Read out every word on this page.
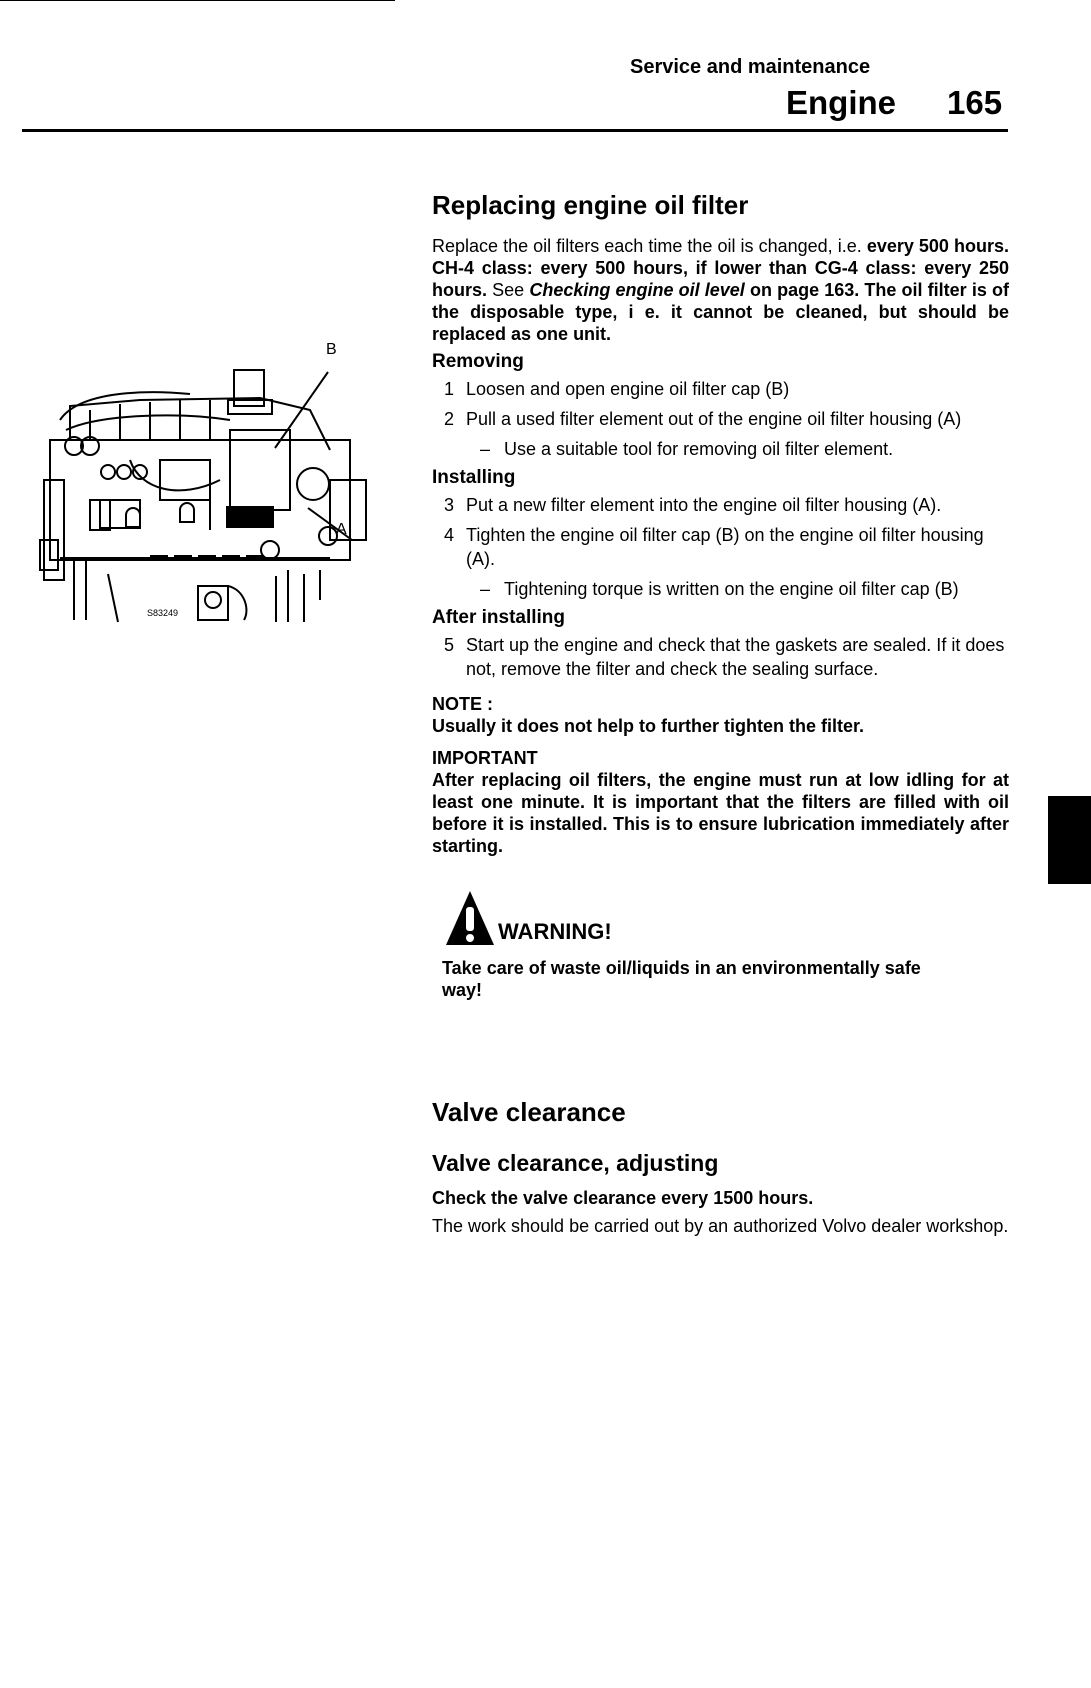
Service and maintenance
Engine 165
S83249
B
A
Replacing engine oil filter

Replace the oil filters each time the oil is changed, i.e. every 500 hours. CH-4 class: every 500 hours, if lower than CG-4 class: every 250 hours. See Checking engine oil level on page 163. The oil filter is of the disposable type, i e. it cannot be cleaned, but should be replaced as one unit.

Removing
1 Loosen and open engine oil filter cap (B)
2 Pull a used filter element out of the engine oil filter housing (A)
– Use a suitable tool for removing oil filter element.
Installing
3 Put a new filter element into the engine oil filter housing (A).
4 Tighten the engine oil filter cap (B) on the engine oil filter housing (A).
– Tightening torque is written on the engine oil filter cap (B)
After installing
5 Start up the engine and check that the gaskets are sealed. If it does not, remove the filter and check the sealing surface.
NOTE :
Usually it does not help to further tighten the filter.
IMPORTANT
After replacing oil filters, the engine must run at low idling for at least one minute. It is important that the filters are filled with oil before it is installed. This is to ensure lubrication immediately after starting.
WARNING!
Take care of waste oil/liquids in an environmentally safe way!
Valve clearance
Valve clearance, adjusting
Check the valve clearance every 1500 hours.
The work should be carried out by an authorized Volvo dealer workshop.
